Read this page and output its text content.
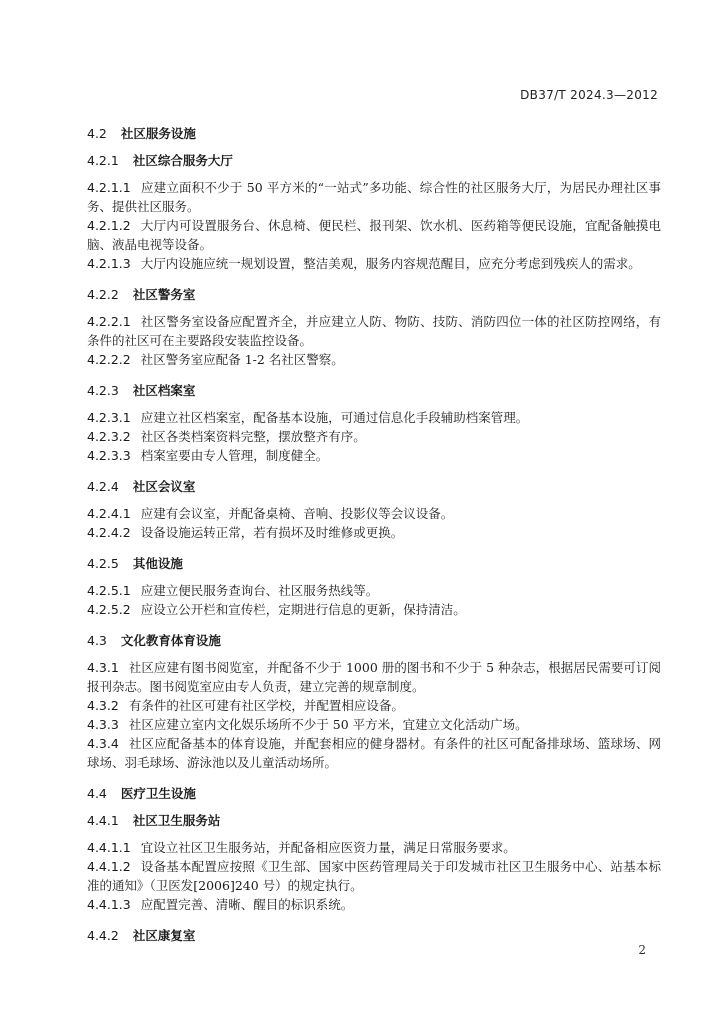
DB37/T 2024.3—2012
4.2 社区服务设施
4.2.1 社区综合服务大厅
4.2.1.1 应建立面积不少于 50 平方米的“一站式”多功能、综合性的社区服务大厅，为居民办理社区事务、提供社区服务。
4.2.1.2 大厅内可设置服务台、休息椅、便民栏、报刊架、饮水机、医药箱等便民设施，宜配备触摸电脑、液晶电视等设备。
4.2.1.3 大厅内设施应统一规划设置，整洁美观，服务内容规范醒目，应充分考虑到残疾人的需求。
4.2.2 社区警务室
4.2.2.1 社区警务室设备应配置齐全，并应建立人防、物防、技防、消防四位一体的社区防控网络，有条件的社区可在主要路段安装监控设备。
4.2.2.2 社区警务室应配备 1-2 名社区警察。
4.2.3 社区档案室
4.2.3.1 应建立社区档案室，配备基本设施，可通过信息化手段辅助档案管理。
4.2.3.2 社区各类档案资料完整，摆放整齐有序。
4.2.3.3 档案室要由专人管理，制度健全。
4.2.4 社区会议室
4.2.4.1 应建有会议室，并配备桌椅、音响、投影仪等会议设备。
4.2.4.2 设备设施运转正常，若有损坏及时维修或更换。
4.2.5 其他设施
4.2.5.1 应建立便民服务查询台、社区服务热线等。
4.2.5.2 应设立公开栏和宣传栏，定期进行信息的更新，保持清洁。
4.3 文化教育体育设施
4.3.1 社区应建有图书阅览室，并配备不少于 1000 册的图书和不少于 5 种杂志，根据居民需要可订阅报刊杂志。图书阅览室应由专人负责，建立完善的规章制度。
4.3.2 有条件的社区可建有社区学校，并配置相应设备。
4.3.3 社区应建立室内文化娱乐场所不少于 50 平方米，宜建立文化活动广场。
4.3.4 社区应配备基本的体育设施，并配套相应的健身器材。有条件的社区可配备排球场、篮球场、网球场、羽毛球场、游泳池以及儿童活动场所。
4.4 医疗卫生设施
4.4.1 社区卫生服务站
4.4.1.1 宜设立社区卫生服务站，并配备相应医资力量，满足日常服务要求。
4.4.1.2 设备基本配置应按照《卫生部、国家中医药管理局关于印发城市社区卫生服务中心、站基本标准的通知》（卫医发[2006]240 号）的规定执行。
4.4.1.3 应配置完善、清晰、醒目的标识系统。
4.4.2 社区康复室
2
